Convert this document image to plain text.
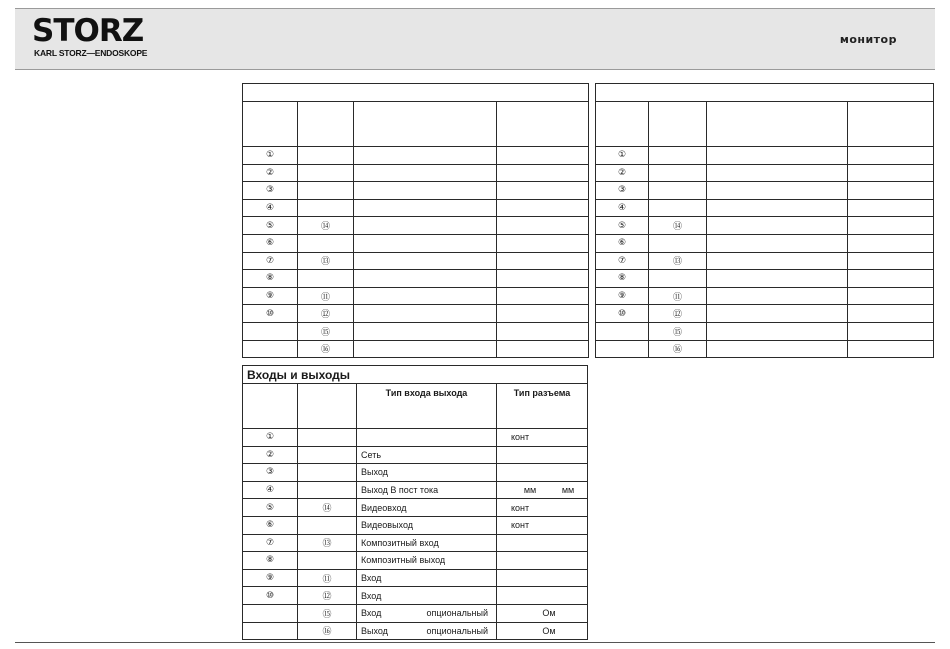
STORZ
KARL STORZ—ENDOSKOPE
монитор

①			
②			
③			
④			
⑤	⑭		
⑥			
⑦	⑬		
⑧			
⑨	⑪		
⑩	⑫		
	⑮		
	⑯		

①			
②			
③			
④			
⑤	⑭		
⑥			
⑦	⑬		
⑧			
⑨	⑪		
⑩	⑫		
	⑮		
	⑯		
Входы и выходы			
		Тип входа выхода	Тип разъема
①			конт
②		Сеть	
③		Выход	
④		Выход В пост тока	мм мм

⑤	⑭	Видеовход	конт
⑥		Видеовыход	конт
⑦	⑬	Композитный вход	
⑧		Композитный выход	
⑨	⑪	Вход	
⑩	⑫	Вход	
	⑮	Вход опциональный	Ом
	⑯	Выход опциональный	Ом
